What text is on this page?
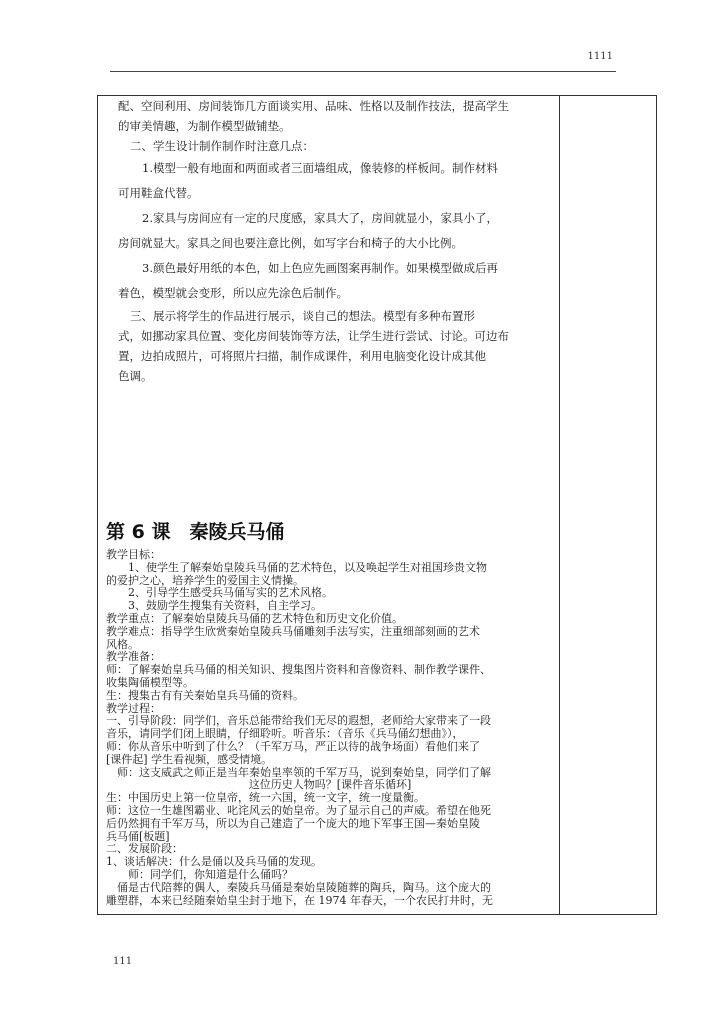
1111

配、空间利用、房间装饰几方面谈实用、品味、性格以及制作技法，提高学生

的审美情趣，为制作模型做铺垫。

二、学生设计制作制作时注意几点：

1.模型一般有地面和两面或者三面墙组成，像装修的样板间。制作材料

可用鞋盒代替。

2.家具与房间应有一定的尺度感，家具大了，房间就显小，家具小了，

房间就显大。家具之间也要注意比例，如写字台和椅子的大小比例。

3.颜色最好用纸的本色，如上色应先画图案再制作。如果模型做成后再

着色，模型就会变形，所以应先涂色后制作。

三、展示将学生的作品进行展示，谈自己的想法。模型有多种布置形

式，如挪动家具位置、变化房间装饰等方法，让学生进行尝试、讨论。可边布

置，边拍成照片，可将照片扫描，制作成课件，利用电脑变化设计成其他

色调。

第 6 课　秦陵兵马俑

教学目标：

1、使学生了解秦始皇陵兵马俑的艺术特色，以及唤起学生对祖国珍贵文物

的爱护之心，培养学生的爱国主义情操。

2、引导学生感受兵马俑写实的艺术风格。

3、鼓励学生搜集有关资料，自主学习。

教学重点：了解秦始皇陵兵马俑的艺术特色和历史文化价值。

教学难点：指导学生欣赏秦始皇陵兵马俑雕刻手法写实，注重细部刻画的艺术

风格。

教学准备：

师：了解秦始皇兵马俑的相关知识、搜集图片资料和音像资料、制作教学课件、

收集陶俑模型等。

生：搜集古有有关秦始皇兵马俑的资料。

教学过程：

一、引导阶段：同学们，音乐总能带给我们无尽的遐想，老师给大家带来了一段

音乐，请同学们闭上眼睛，仔细聆听。听音乐：（音乐《兵马俑幻想曲》），

师：你从音乐中听到了什么？（千军万马，严正以待的战争场面）看他们来了

[课件起] 学生看视频，感受情境。

师：这支威武之师正是当年秦始皇率领的千军万马，说到秦始皇，同学们了解

这位历史人物吗？[课件音乐循环]

生：中国历史上第一位皇帝，统一六国，统一文字，统一度量衡。

师：这位一生雄图霸业、叱诧风云的始皇帝。为了显示自己的声威。希望在他死

后仍然拥有千军万马，所以为自己建造了一个庞大的地下军事王国—秦始皇陵

兵马俑[板题]

二、发展阶段：

1、谈话解决：什么是俑以及兵马俑的发现。

师：同学们，你知道是什么俑吗？

俑是古代陪葬的偶人，秦陵兵马俑是秦始皇陵随葬的陶兵，陶马。这个庞大的

雕塑群，本来已经随秦始皇尘封于地下，在 1974 年春天，一个农民打井时，无

111
